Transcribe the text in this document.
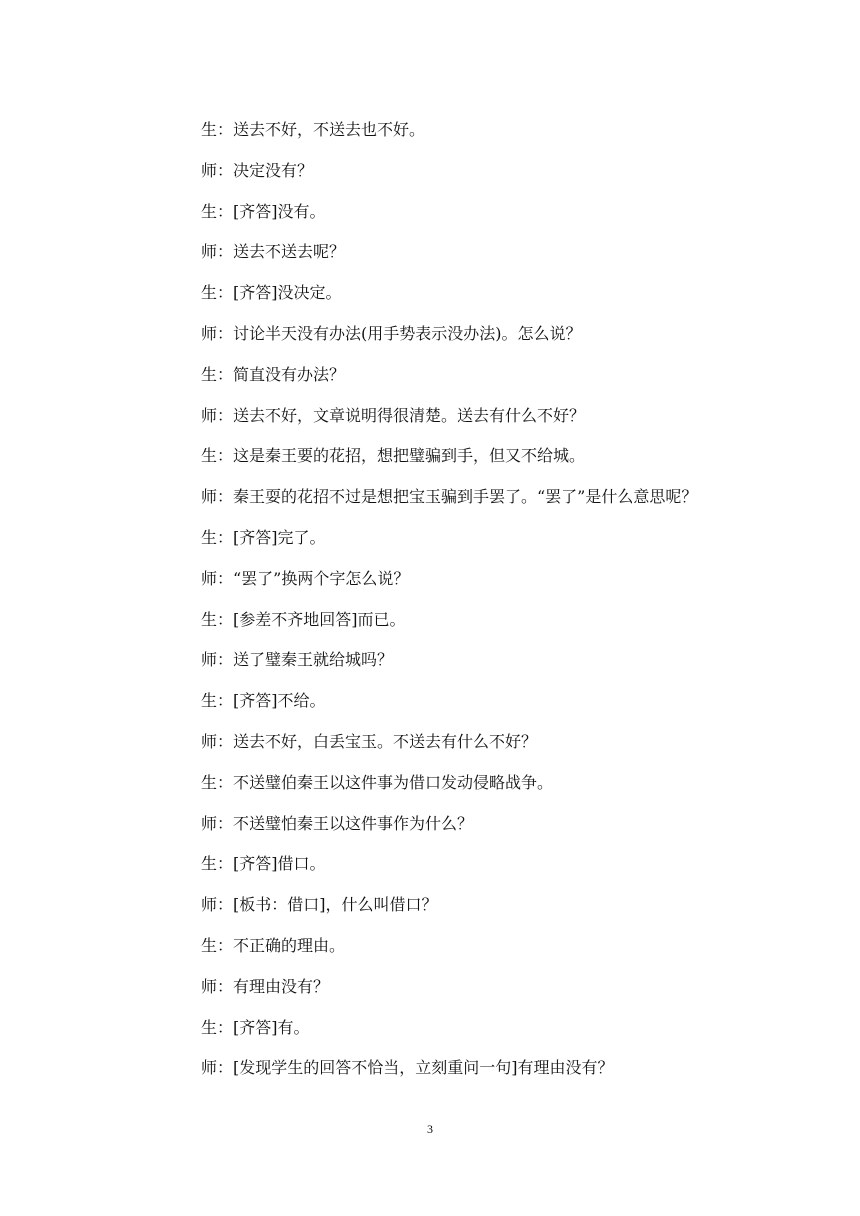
生：送去不好，不送去也不好。
师：决定没有？
生：[齐答]没有。
师：送去不送去呢？
生：[齐答]没决定。
师：讨论半天没有办法(用手势表示没办法)。怎么说？
生：简直没有办法？
师：送去不好，文章说明得很清楚。送去有什么不好？
生：这是秦王要的花招，想把璧骗到手，但又不给城。
师：秦王耍的花招不过是想把宝玉骗到手罢了。“罢了”是什么意思呢？
生：[齐答]完了。
师：“罢了”换两个字怎么说？
生：[参差不齐地回答]而已。
师：送了璧秦王就给城吗？
生：[齐答]不给。
师：送去不好，白丢宝玉。不送去有什么不好？
生：不送璧伯秦王以这件事为借口发动侵略战争。
师：不送璧怕秦王以这件事作为什么？
生：[齐答]借口。
师：[板书：借口]，什么叫借口？
生：不正确的理由。
师：有理由没有？
生：[齐答]有。
师：[发现学生的回答不恰当，立刻重问一句]有理由没有？
3
